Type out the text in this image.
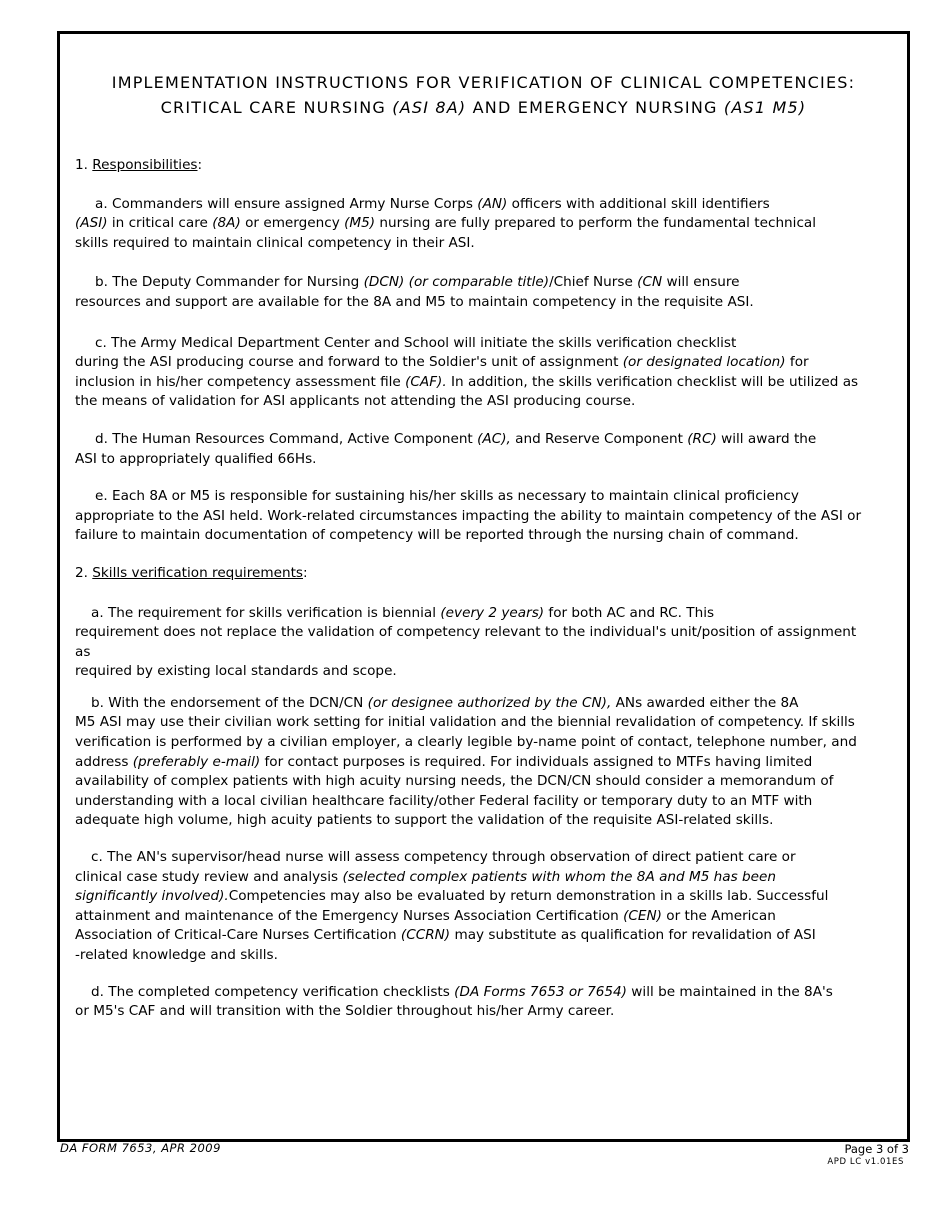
IMPLEMENTATION INSTRUCTIONS FOR VERIFICATION OF CLINICAL COMPETENCIES:
CRITICAL CARE NURSING (ASI 8A) AND EMERGENCY NURSING (AS1 M5)

1. Responsibilities:

a. Commanders will ensure assigned Army Nurse Corps (AN) officers with additional skill identifiers
(ASI) in critical care (8A) or emergency (M5) nursing are fully prepared to perform the fundamental technical
skills required to maintain clinical competency in their ASI.

b. The Deputy Commander for Nursing (DCN) (or comparable title)/Chief Nurse (CN will ensure
resources and support are available for the 8A and M5 to maintain competency in the requisite ASI.

c. The Army Medical Department Center and School will initiate the skills verification checklist
during the ASI producing course and forward to the Soldier's unit of assignment (or designated location) for
inclusion in his/her competency assessment file (CAF). In addition, the skills verification checklist will be utilized as
the means of validation for ASI applicants not attending the ASI producing course.

d. The Human Resources Command, Active Component (AC), and Reserve Component (RC) will award the
ASI to appropriately qualified 66Hs.

e. Each 8A or M5 is responsible for sustaining his/her skills as necessary to maintain clinical proficiency
appropriate to the ASI held. Work-related circumstances impacting the ability to maintain competency of the ASI or
failure to maintain documentation of competency will be reported through the nursing chain of command.

2. Skills verification requirements:

a. The requirement for skills verification is biennial (every 2 years) for both AC and RC. This
requirement does not replace the validation of competency relevant to the individual's unit/position of assignment as
required by existing local standards and scope.

b. With the endorsement of the DCN/CN (or designee authorized by the CN), ANs awarded either the 8A
M5 ASI may use their civilian work setting for initial validation and the biennial revalidation of competency. If skills
verification is performed by a civilian employer, a clearly legible by-name point of contact, telephone number, and
address (preferably e-mail) for contact purposes is required. For individuals assigned to MTFs having limited
availability of complex patients with high acuity nursing needs, the DCN/CN should consider a memorandum of
understanding with a local civilian healthcare facility/other Federal facility or temporary duty to an MTF with
adequate high volume, high acuity patients to support the validation of the requisite ASI-related skills.

c. The AN's supervisor/head nurse will assess competency through observation of direct patient care or
clinical case study review and analysis (selected complex patients with whom the 8A and M5 has been
significantly involved).Competencies may also be evaluated by return demonstration in a skills lab. Successful
attainment and maintenance of the Emergency Nurses Association Certification (CEN) or the American
Association of Critical-Care Nurses Certification (CCRN) may substitute as qualification for revalidation of ASI
-related knowledge and skills.

d. The completed competency verification checklists (DA Forms 7653 or 7654) will be maintained in the 8A's
or M5's CAF and will transition with the Soldier throughout his/her Army career.

DA FORM 7653, APR 2009	Page 3 of 3
APD LC v1.01ES
